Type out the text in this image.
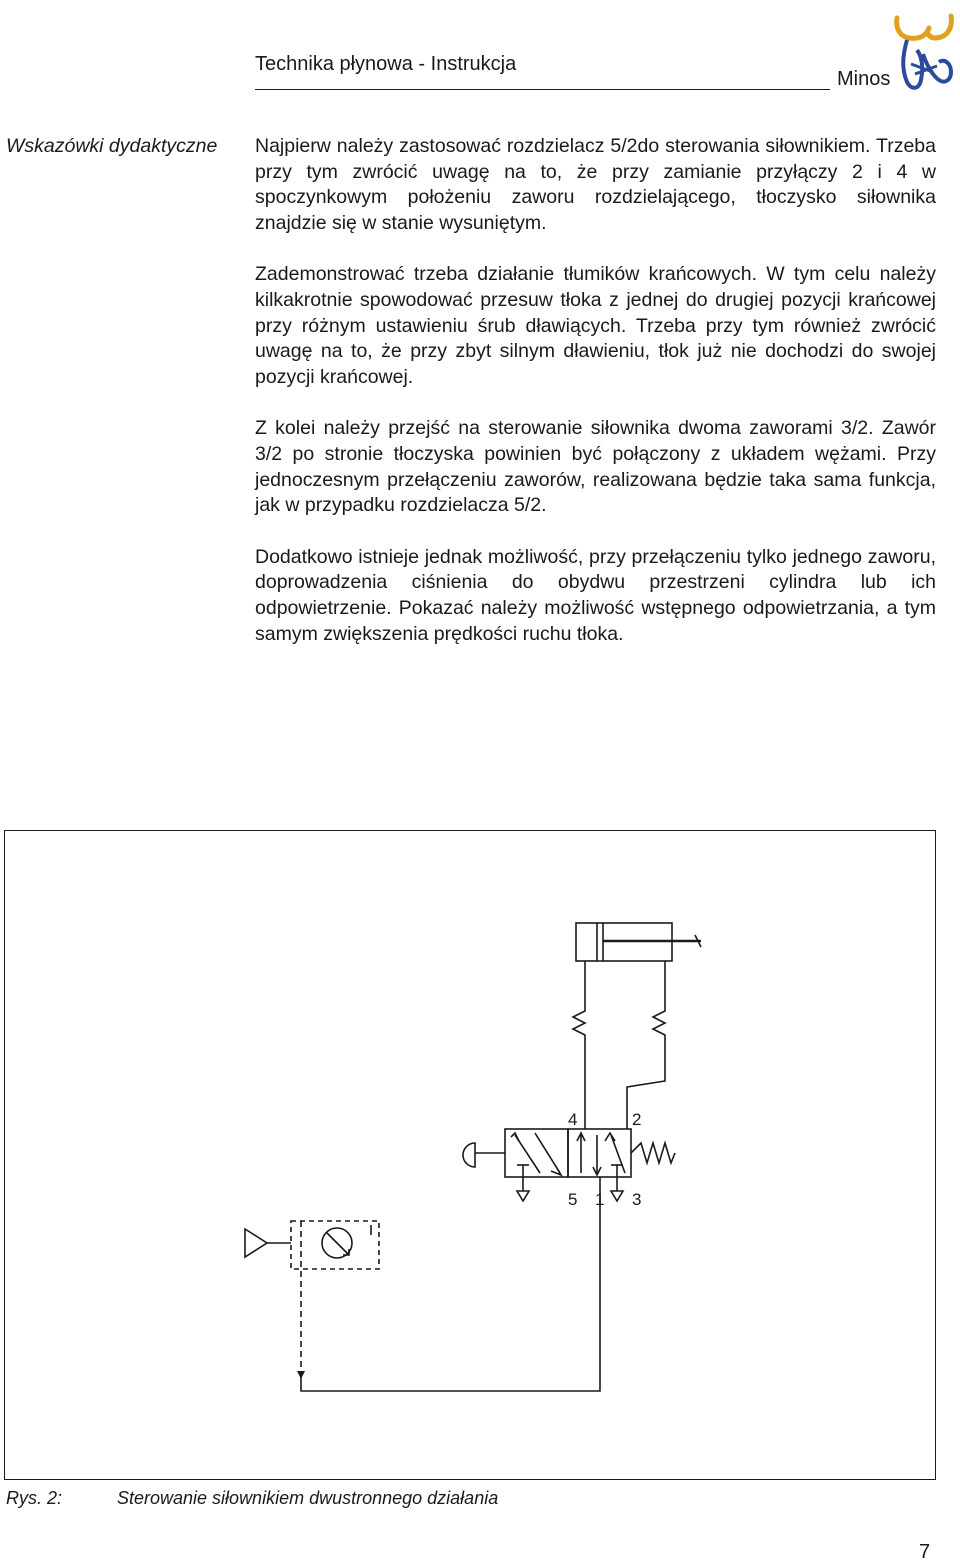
Technika płynowa - Instrukcja
Minos
Wskazówki dydaktyczne Najpierw należy zastosować rozdzielacz 5/2do sterowania siłownikiem. Trzeba przy tym zwrócić uwagę na to, że przy zamianie przyłączy 2 i 4 w spoczynkowym położeniu zaworu rozdzielającego, tłoczysko siłownika znajdzie się w stanie wysuniętym.

Zademonstrować trzeba działanie tłumików krańcowych. W tym celu należy kilkakrotnie spowodować przesuw tłoka z jednej do drugiej pozycji krańcowej przy różnym ustawieniu śrub dławiących. Trzeba przy tym również zwrócić uwagę na to, że przy zbyt silnym dławieniu, tłok już nie dochodzi do swojej pozycji krańcowej.

Z kolei należy przejść na sterowanie siłownika dwoma zaworami 3/2. Zawór 3/2 po stronie tłoczyska powinien być połączony z układem wężami. Przy jednoczesnym przełączeniu zaworów, realizowana będzie taka sama funkcja, jak w przypadku rozdzielacza 5/2.

Dodatkowo istnieje jednak możliwość, przy przełączeniu tylko jednego zaworu, doprowadzenia ciśnienia do obydwu przestrzeni cylindra lub ich odpowietrzenie. Pokazać należy możliwość wstępnego odpowietrzania, a tym samym zwiększenia prędkości ruchu tłoka.

4	2
5 1 3
Rys. 2:	Sterowanie siłownikiem dwustronnego działania
7
